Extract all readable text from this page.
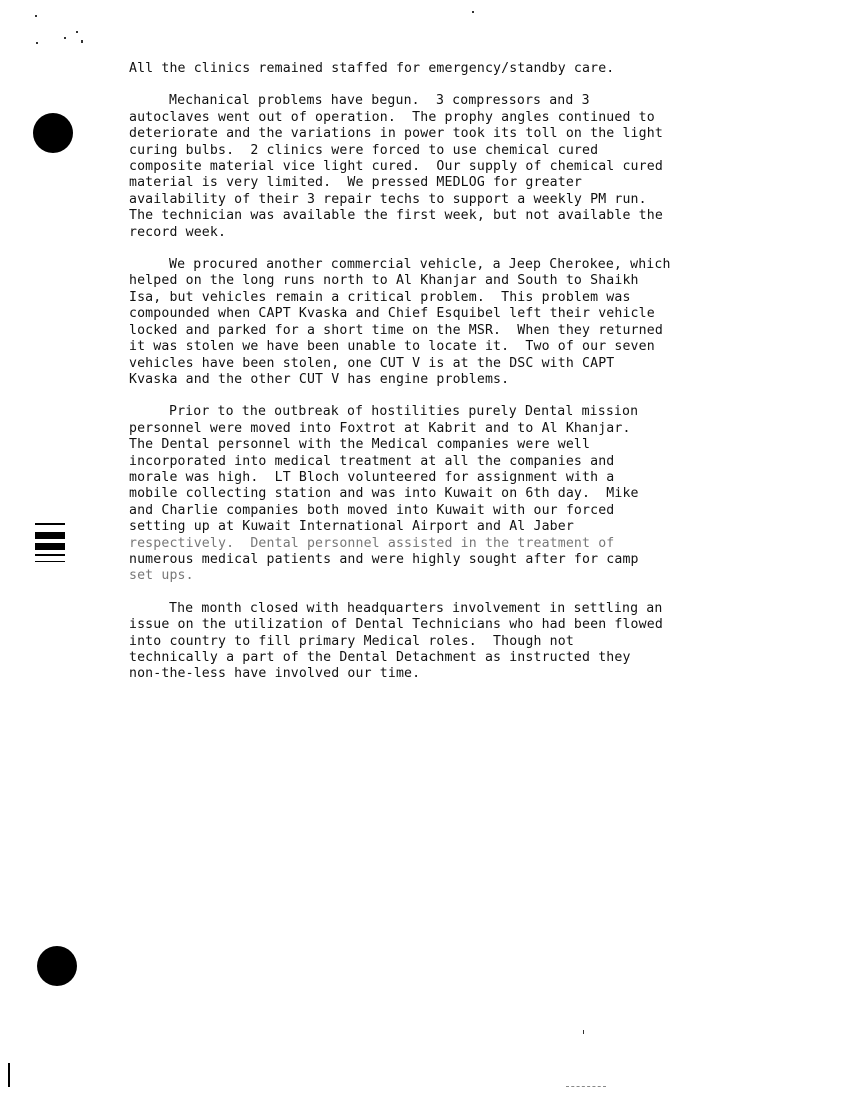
All the clinics remained staffed for emergency/standby care.

Mechanical problems have begun.  3 compressors and 3
autoclaves went out of operation.  The prophy angles continued to
deteriorate and the variations in power took its toll on the light
curing bulbs.  2 clinics were forced to use chemical cured
composite material vice light cured.  Our supply of chemical cured
material is very limited.  We pressed MEDLOG for greater
availability of their 3 repair techs to support a weekly PM run.
The technician was available the first week, but not available the
record week.

We procured another commercial vehicle, a Jeep Cherokee, which
helped on the long runs north to Al Khanjar and South to Shaikh
Isa, but vehicles remain a critical problem.  This problem was
compounded when CAPT Kvaska and Chief Esquibel left their vehicle
locked and parked for a short time on the MSR.  When they returned
it was stolen we have been unable to locate it.  Two of our seven
vehicles have been stolen, one CUT V is at the DSC with CAPT
Kvaska and the other CUT V has engine problems.

Prior to the outbreak of hostilities purely Dental mission
personnel were moved into Foxtrot at Kabrit and to Al Khanjar.
The Dental personnel with the Medical companies were well
incorporated into medical treatment at all the companies and
morale was high.  LT Bloch volunteered for assignment with a
mobile collecting station and was into Kuwait on 6th day.  Mike
and Charlie companies both moved into Kuwait with our forced
setting up at Kuwait International Airport and Al Jaber
respectively.  Dental personnel assisted in the treatment of
numerous medical patients and were highly sought after for camp
set ups.

The month closed with headquarters involvement in settling an
issue on the utilization of Dental Technicians who had been flowed
into country to fill primary Medical roles.  Though not
technically a part of the Dental Detachment as instructed they
non-the-less have involved our time.
